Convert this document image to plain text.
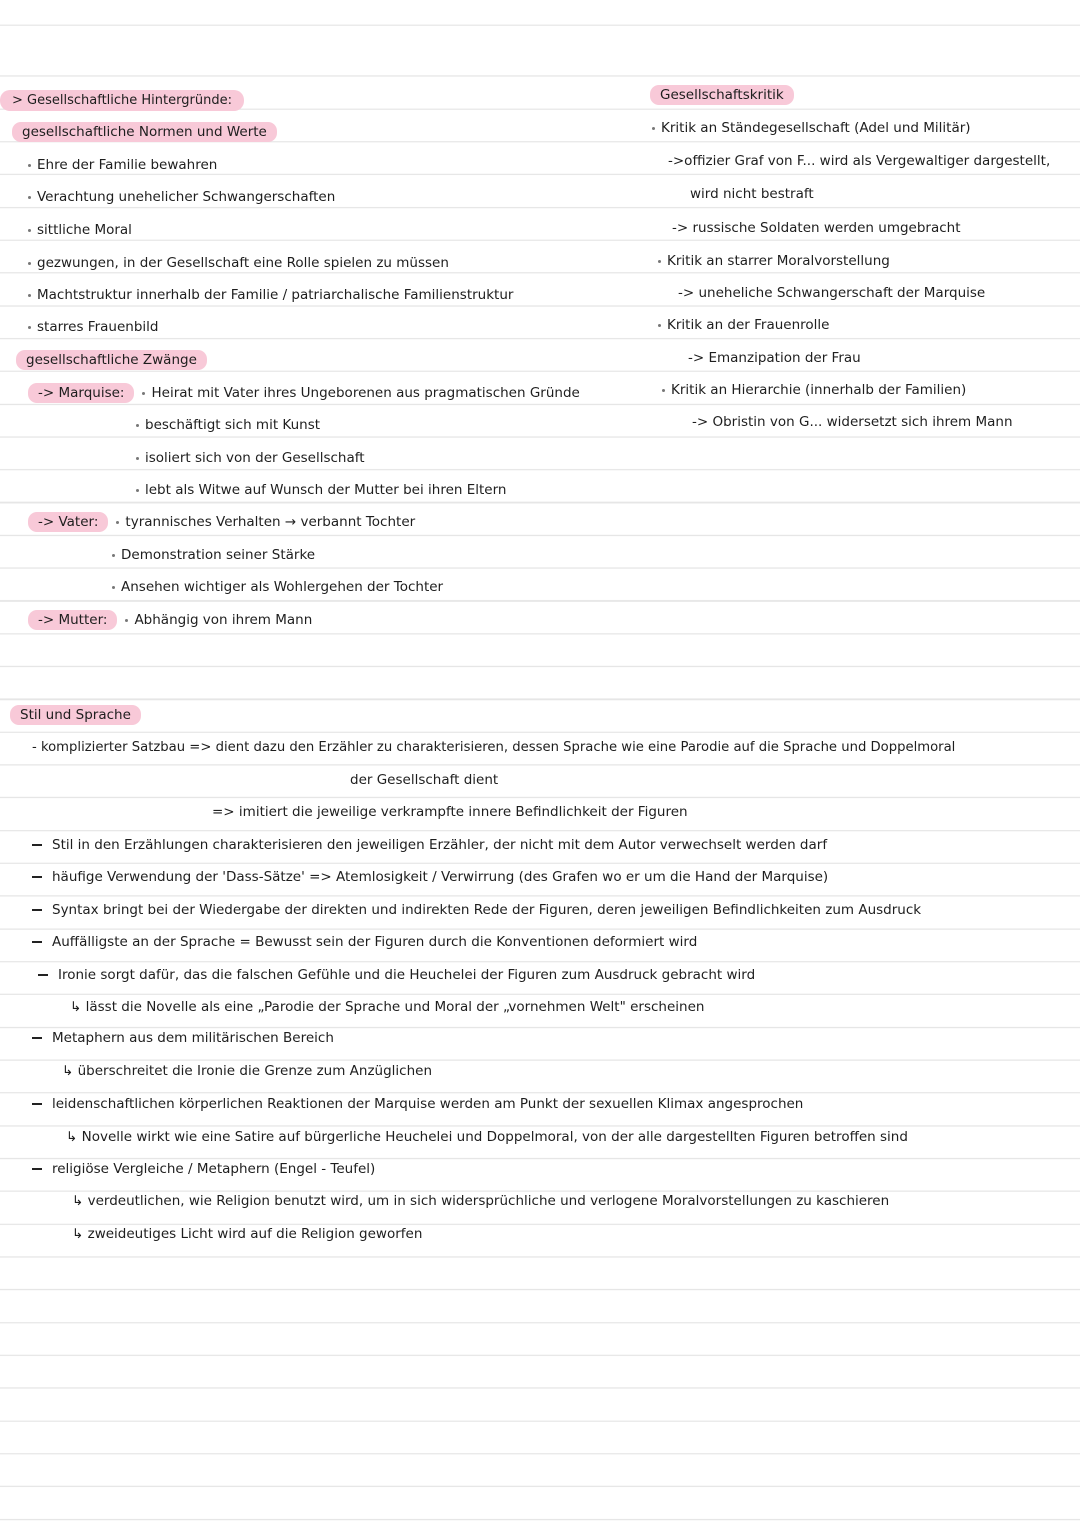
> Gesellschaftliche Hintergründe:
gesellschaftliche Normen und Werte
Ehre der Familie bewahren
Verachtung unehelicher Schwangerschaften
sittliche Moral
gezwungen, in der Gesellschaft eine Rolle spielen zu müssen
Machtstruktur innerhalb der Familie / patriarchalische Familienstruktur
starres Frauenbild
gesellschaftliche Zwänge
-> Marquise: Heirat mit Vater ihres Ungeborenen aus pragmatischen Gründe
beschäftigt sich mit Kunst
isoliert sich von der Gesellschaft
lebt als Witwe auf Wunsch der Mutter bei ihren Eltern
-> Vater: tyrannisches Verhalten → verbannt Tochter
Demonstration seiner Stärke
Ansehen wichtiger als Wohlergehen der Tochter
-> Mutter: Abhängig von ihrem Mann
Gesellschaftskritik
Kritik an Ständegesellschaft (Adel und Militär)
->offizier Graf von F... wird als Vergewaltiger dargestellt,
wird nicht bestraft
-> russische Soldaten werden umgebracht
Kritik an starrer Moralvorstellung
-> uneheliche Schwangerschaft der Marquise
Kritik an der Frauenrolle
-> Emanzipation der Frau
Kritik an Hierarchie (innerhalb der Familien)
-> Obristin von G... widersetzt sich ihrem Mann
Stil und Sprache
- komplizierter Satzbau => dient dazu den Erzähler zu charakterisieren, dessen Sprache wie eine Parodie auf die Sprache und Doppelmoral
der Gesellschaft dient
=> imitiert die jeweilige verkrampfte innere Befindlichkeit der Figuren
Stil in den Erzählungen charakterisieren den jeweiligen Erzähler, der nicht mit dem Autor verwechselt werden darf
häufige Verwendung der 'Dass-Sätze' => Atemlosigkeit / Verwirrung (des Grafen wo er um die Hand der Marquise)
Syntax bringt bei der Wiedergabe der direkten und indirekten Rede der Figuren, deren jeweiligen Befindlichkeiten zum Ausdruck
Auffälligste an der Sprache = Bewusst sein der Figuren durch die Konventionen deformiert wird
Ironie sorgt dafür, das die falschen Gefühle und die Heuchelei der Figuren zum Ausdruck gebracht wird
↳ lässt die Novelle als eine „Parodie der Sprache und Moral der „vornehmen Welt" erscheinen
Metaphern aus dem militärischen Bereich
↳ überschreitet die Ironie die Grenze zum Anzüglichen
leidenschaftlichen körperlichen Reaktionen der Marquise werden am Punkt der sexuellen Klimax angesprochen
↳ Novelle wirkt wie eine Satire auf bürgerliche Heuchelei und Doppelmoral, von der alle dargestellten Figuren betroffen sind
religiöse Vergleiche / Metaphern (Engel - Teufel)
↳ verdeutlichen, wie Religion benutzt wird, um in sich widersprüchliche und verlogene Moralvorstellungen zu kaschieren
↳ zweideutiges Licht wird auf die Religion geworfen
